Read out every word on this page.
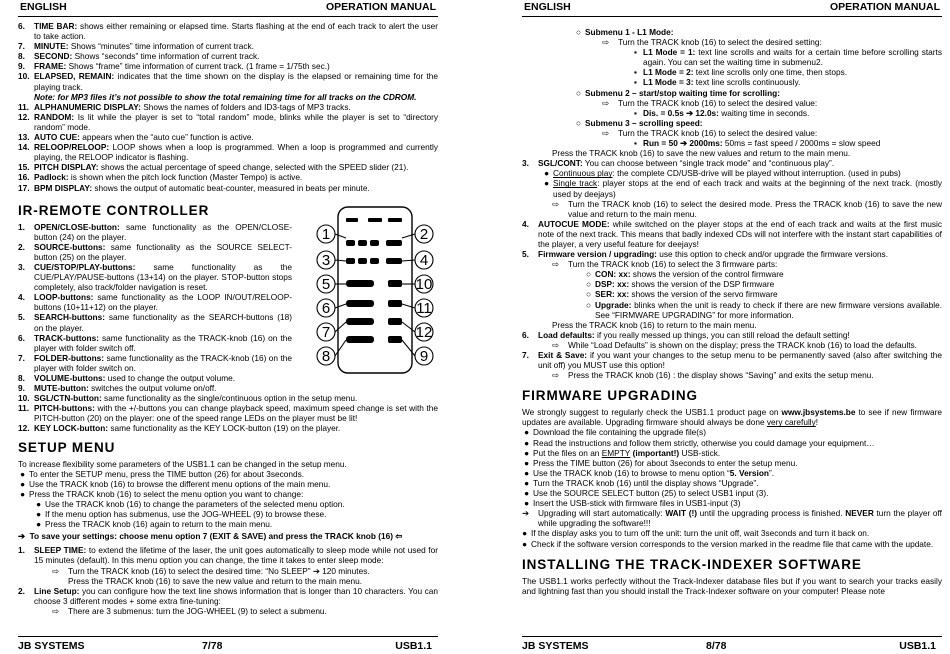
ENGLISH	OPERATION MANUAL
6.	TIME BAR: shows either remaining or elapsed time. Starts flashing at the end of each track to alert the user to take action.
7.	MINUTE: Shows “minutes” time information of current track.
8.	SECOND: Shows “seconds” time information of current track.
9.	FRAME: Shows “frame” time information of current track. (1 frame = 1/75th sec.)
10. ELAPSED, REMAIN: indicates that the time shown on the display is the elapsed or remaining time for the playing track.
Note: for MP3 files it’s not possible to show the total remaining time for all tracks on the CDROM.
11. ALPHANUMERIC DISPLAY: Shows the names of folders and ID3-tags of MP3 tracks.
12. RANDOM: Is lit while the player is set to “total random” mode, blinks while the player is set to “directory random” mode.
13. AUTO CUE: appears when the “auto cue” function is active.
14. RELOOP/RELOOP: LOOP shows when a loop is programmed. When a loop is programmed and currently playing, the RELOOP indicator is flashing.
15. PITCH DISPLAY: shows the actual percentage of speed change, selected with the SPEED slider (21).
16. Padlock: is shown when the pitch lock function (Master Tempo) is active.
17. BPM DISPLAY: shows the output of automatic beat-counter, measured in beats per minute.
IR-REMOTE CONTROLLER
1.	OPEN/CLOSE-button: same functionality as the OPEN/CLOSE-button (24) on the player.
2.	SOURCE-buttons: same functionality as the SOURCE SELECT-button (25) on the player.
3.	CUE/STOP/PLAY-buttons: same functionality as the CUE/PLAY/PAUSE-buttons (13+14) on the player. STOP-button stops completely, also track/folder navigation is reset.
4.	LOOP-buttons: same functionality as the LOOP IN/OUT/RELOOP-buttons (10+11+12) on the player.
5.	SEARCH-buttons: same functionality as the SEARCH-buttons (18) on the player.
6.	TRACK-buttons: same functionality as the TRACK-knob (16) on the player with folder switch off.
7.	FOLDER-buttons: same functionality as the TRACK-knob (16) on the player with folder switch on.
8.	VOLUME-buttons: used to change the output volume.
9.	MUTE-button: switches the output volume on/off.
10. SGL/CTN-button: same functionality as the single/continuous option in the setup menu.
11. PITCH-buttons: with the +/-buttons you can change playback speed, maximum speed change is set with the PITCH-button (20) on the player: one of the speed range LEDs on the player must be lit!
12. KEY LOCK-button: same functionality as the KEY LOCK-button (19) on the player.
SETUP MENU
To increase flexibility some parameters of the USB1.1 can be changed in the setup menu.
● To enter the SETUP menu, press the TIME button (26) for about 3seconds.
● Use the TRACK knob (16) to browse the different menu options of the main menu.
● Press the TRACK knob (16) to select the menu option you want to change:
● Use the TRACK knob (16) to change the parameters of the selected menu option.
● If the menu option has submenus, use the JOG-WHEEL (9) to browse these.
● Press the TRACK knob (16) again to return to the main menu.
➔  To save your settings: choose menu option 7 (EXIT & SAVE) and press the TRACK knob (16) ⇦
1.	SLEEP TIME: to extend the lifetime of the laser, the unit goes automatically to sleep mode while not used for 15 minutes (default). In this menu option you can change, the time it takes to enter sleep mode:
⇨ Turn the TRACK knob (16) to select the desired time: “No SLEEP” ➔ 120 minutes.
Press the TRACK knob (16) to save the new value and return to the main menu.
2.	Line Setup: you can configure how the text line shows information that is longer than 10 characters. You can choose 3 different modes + some extra fine-tuning:
⇨ There are 3 submenus: turn the JOG-WHEEL (9) to select a submenu.
1	2
3	4
5	10
6	11
7	12
8	9
JB SYSTEMS	7/78	USB1.1
ENGLISH	OPERATION MANUAL
○ Submenu 1 - L1 Mode:
⇨ Turn the TRACK knob (16) to select the desired setting:
▪ L1 Mode = 1: text line scrolls and waits for a certain time before scrolling starts again. You can set the waiting time in submenu2.
▪ L1 Mode = 2: text line scrolls only one time, then stops.
▪ L1 Mode = 3: text line scrolls continuously.
○ Submenu 2 – start/stop waiting time for scrolling:
⇨ Turn the TRACK knob (16) to select the desired value:
▪ Dis. = 0.5s ➔ 12.0s: waiting time in seconds.
○ Submenu 3 – scrolling speed:
⇨ Turn the TRACK knob (16) to select the desired value:
▪ Run = 50 ➔ 2000ms: 50ms = fast speed / 2000ms = slow speed
Press the TRACK knob (16) to save the new values and return to the main menu.
3.	SGL/CONT: You can choose between “single track mode” and “continuous play”.
● Continuous play: the complete CD/USB-drive will be played without interruption. (used in pubs)
● Single track: player stops at the end of each track and waits at the beginning of the next track. (mostly used by deejays)
⇨	Turn the TRACK knob (16) to select the desired mode. Press the TRACK knob (16) to save the new value and return to the main menu.
4.	AUTOCUE MODE: while switched on the player stops at the end of each track and waits at the first music note of the next track. This means that badly indexed CDs will not interfere with the instant start capabilities of the player, a very useful feature for deejays!
5.	Firmware version / upgrading: use this option to check and/or upgrade the firmware versions.
⇨ Turn the TRACK knob (16) to select the 3 firmware parts:
○ CON: xx: shows the version of the control firmware
○ DSP: xx: shows the version of the DSP firmware
○ SER: xx: shows the version of the servo firmware
○ Upgrade: blinks when the unit is ready to check if there are new firmware versions available. See “FIRMWARE UPGRADING” for more information.
Press the TRACK knob (16) to return to the main menu.
6.	Load defaults: if you really messed up things, you can still reload the default setting!
⇨ While “Load Defaults” is shown on the display; press the TRACK knob (16) to load the defaults.
7.	Exit & Save: if you want your changes to the setup menu to be permanently saved (also after switching the unit off) you MUST use this option!
⇨ Press the TRACK knob (16) : the display shows “Saving” and exits the setup menu.
FIRMWARE UPGRADING
We strongly suggest to regularly check the USB1.1 product page on www.jbsystems.be to see if new firmware updates are available. Upgrading firmware should always be done very carefully!
● Download the file containing the upgrade file(s)
● Read the instructions and follow them strictly, otherwise you could damage your equipment…
● Put the files on an EMPTY (important!) USB-stick.
● Press the TIME button (26) for about 3seconds to enter the setup menu.
● Use the TRACK knob (16) to browse to menu option “5. Version”.
● Turn the TRACK knob (16) until the display shows “Upgrade”.
● Use the SOURCE SELECT button (25) to select USB1 input (3).
● Insert the USB-stick with firmware files in USB1-input (3)
➔	Upgrading will start automatically: WAIT (!) until the upgrading process is finished. NEVER turn the player off while upgrading the software!!!
● If the display asks you to turn off the unit: turn the unit off, wait 3seconds and turn it back on.
● Check if the software version corresponds to the version marked in the readme file that came with the update.
INSTALLING THE TRACK-INDEXER SOFTWARE
The USB1.1 works perfectly without the Track-Indexer database files but if you want to search your tracks easily and lightning fast than you should install the Track-Indexer software on your computer! Please note
JB SYSTEMS	8/78	USB1.1
